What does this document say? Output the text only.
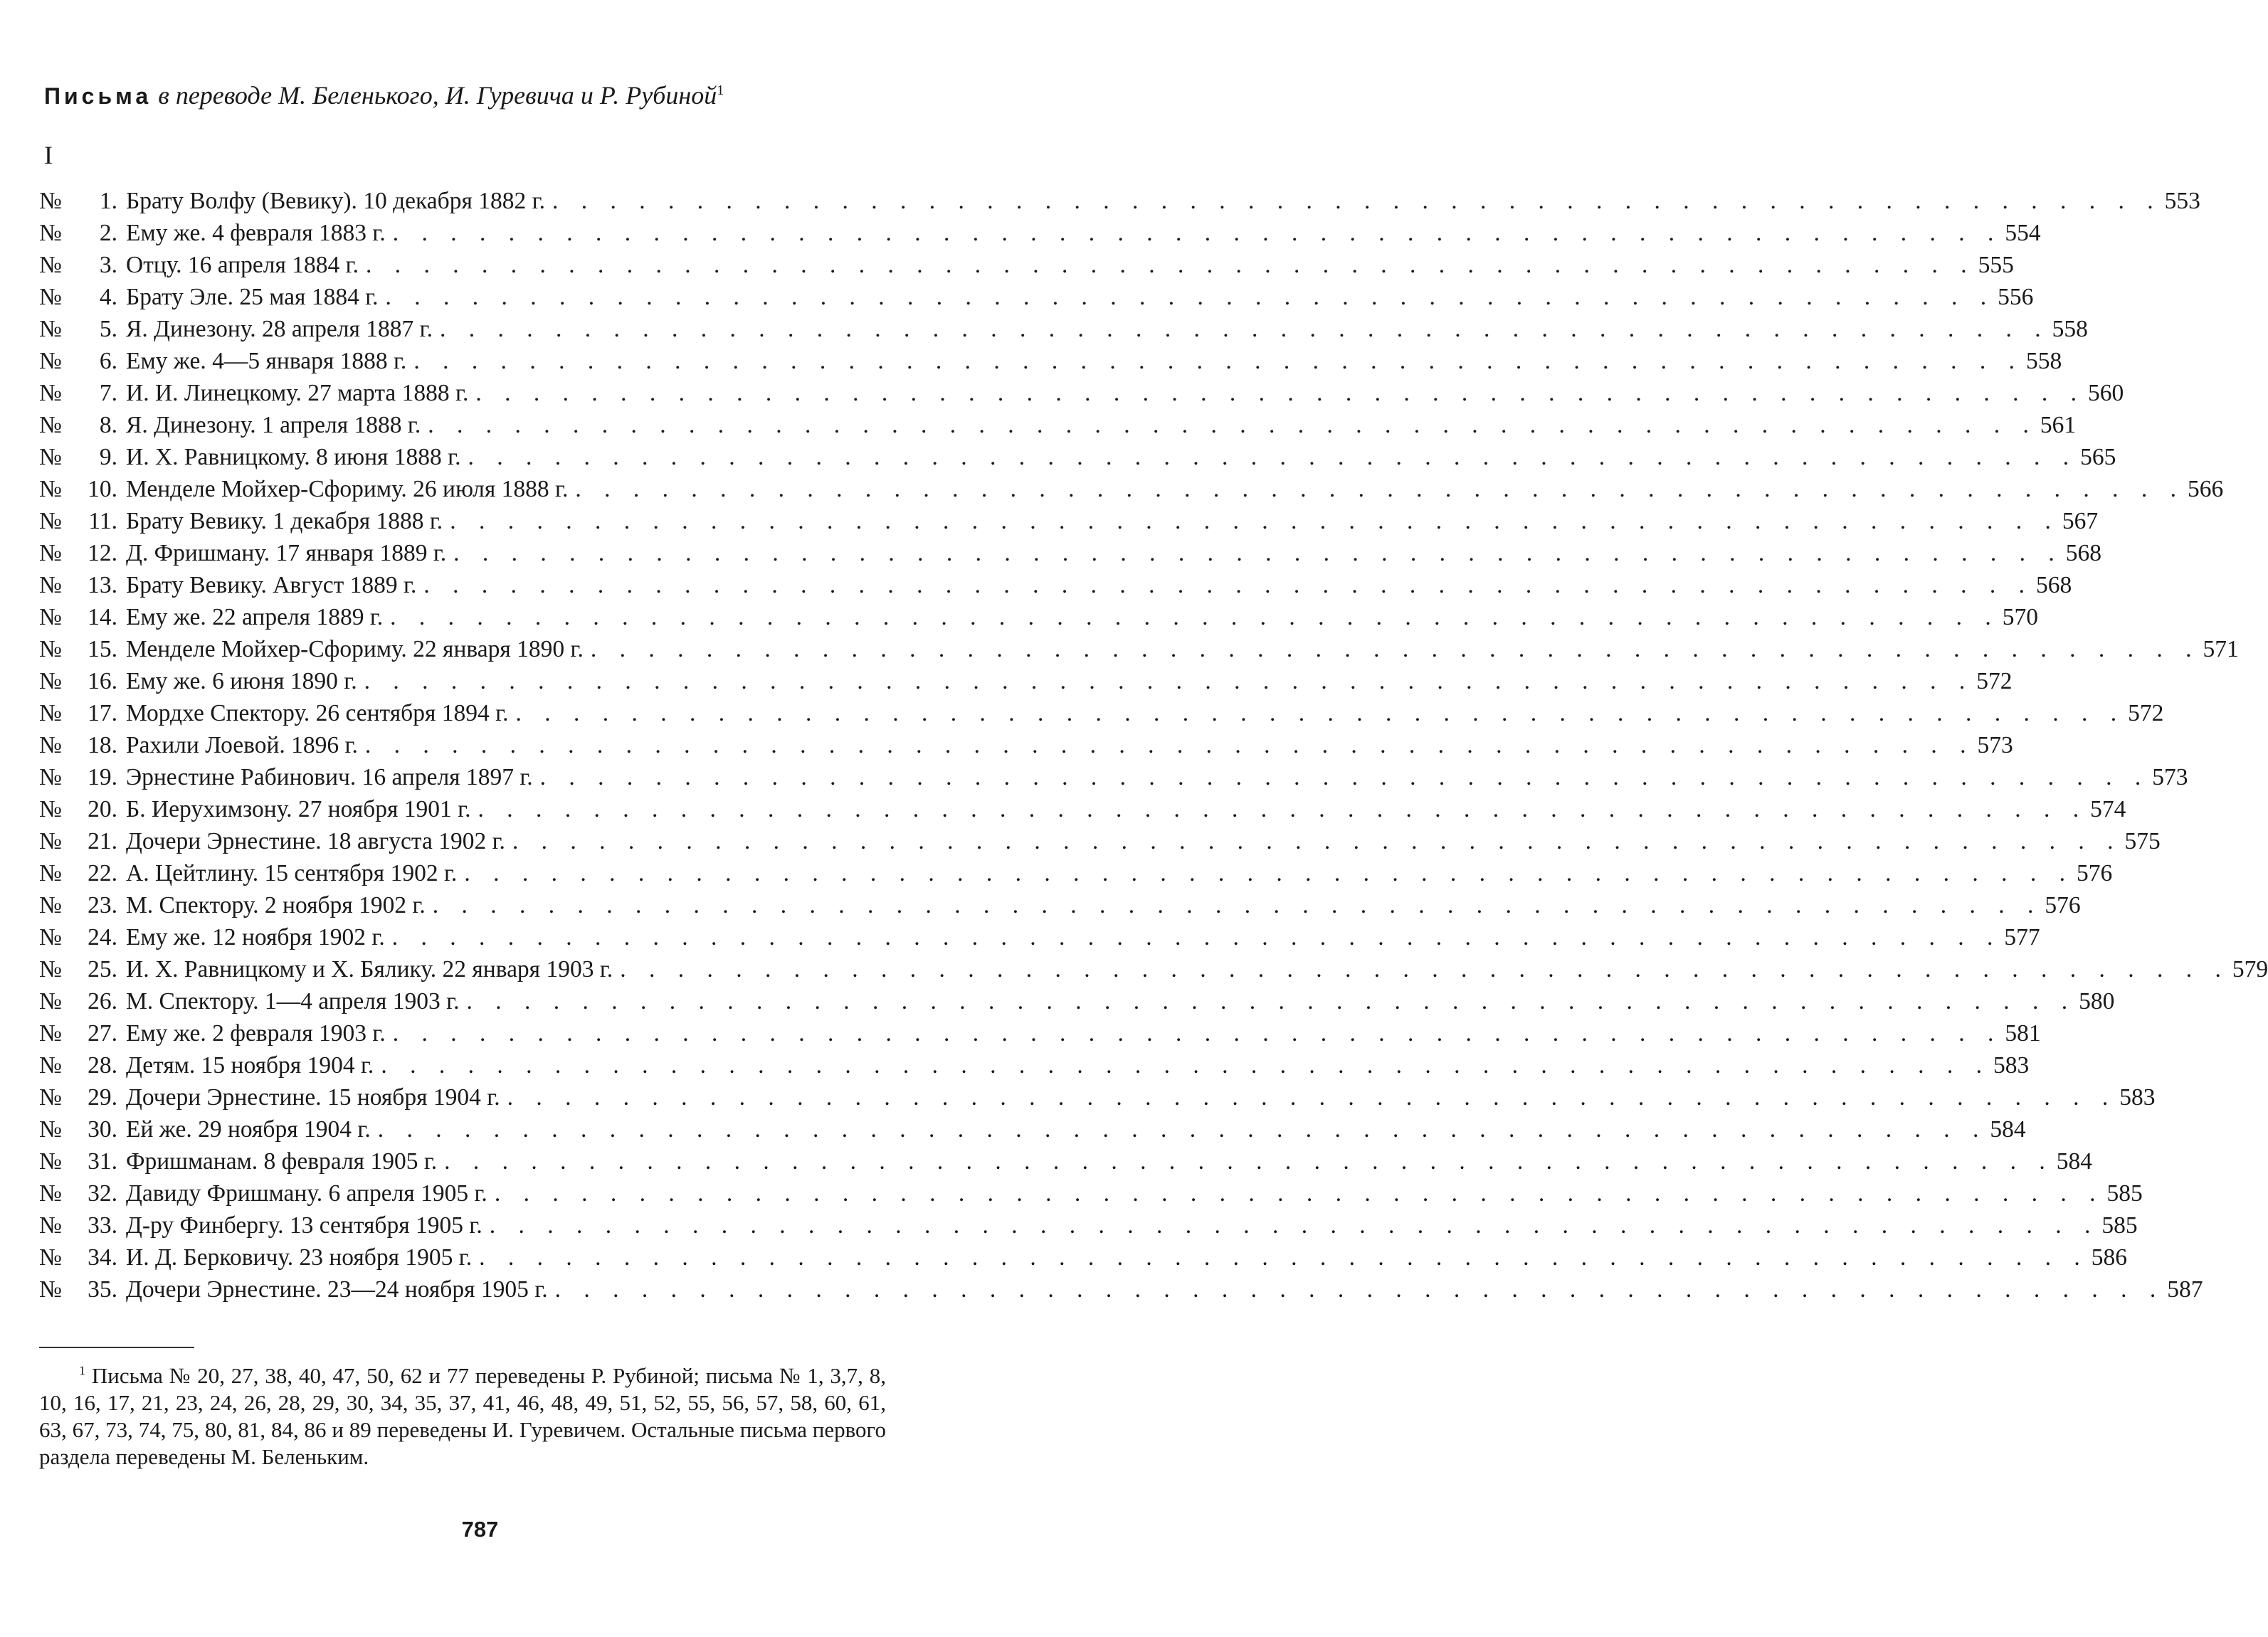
Письма в переводе М. Беленького, И. Гуревича и Р. Рубиной$^1$
I
№	1. Брату Волфу (Вевику). 10 декабря 1882 г. . . .	553
№	2. Ему же. 4 февраля 1883 г. . . .	554
№	3. Отцу. 16 апреля 1884 г. . . .	555
№	4. Брату Эле. 25 мая 1884 г. . . .	556
№	5. Я. Динезону. 28 апреля 1887 г. . . .	558
№	6. Ему же. 4—5 января 1888 г. . . .	558
№	7. И. И. Линецкому. 27 марта 1888 г. . . .	560
№	8. Я. Динезону. 1 апреля 1888 г. . . .	561
№	9. И. Х. Равницкому. 8 июня 1888 г. . . .	565
№	10. Менделе Мойхер-Сфориму. 26 июля 1888 г. . . .	566
№	11. Брату Вевику. 1 декабря 1888 г. . . .	567
№	12. Д. Фришману. 17 января 1889 г. . . .	568
№	13. Брату Вевику. Август 1889 г. . . .	568
№	14. Ему же. 22 апреля 1889 г. . . .	570
№	15. Менделе Мойхер-Сфориму. 22 января 1890 г. . . .	571
№	16. Ему же. 6 июня 1890 г. . . .	572
№	17. Мордхе Спектору. 26 сентября 1894 г. . . .	572
№	18. Рахили Лоевой. 1896 г. . . .	573
№	19. Эрнестине Рабинович. 16 апреля 1897 г. . . .	573
№	20. Б. Иерухимзону. 27 ноября 1901 г. . . .	574
№	21. Дочери Эрнестине. 18 августа 1902 г. . . .	575
№	22. А. Цейтлину. 15 сентября 1902 г. . . .	576
№	23. М. Спектору. 2 ноября 1902 г. . . .	576
№	24. Ему же. 12 ноября 1902 г. . . .	577
№	25. И. Х. Равницкому и Х. Бялику. 22 января 1903 г. . . .	579
№	26. М. Спектору. 1—4 апреля 1903 г. . . .	580
№	27. Ему же. 2 февраля 1903 г. . . .	581
№	28. Детям. 15 ноября 1904 г. . . .	583
№	29. Дочери Эрнестине. 15 ноября 1904 г. . . .	583
№	30. Ей же. 29 ноября 1904 г. . . .	584
№	31. Фришманам. 8 февраля 1905 г. . . .	584
№	32. Давиду Фришману. 6 апреля 1905 г. . . .	585
№	33. Д-ру Финбергу. 13 сентября 1905 г. . . .	585
№	34. И. Д. Берковичу. 23 ноября 1905 г. . . .	586
№	35. Дочери Эрнестине. 23—24 ноября 1905 г. . . .	587

$^1$ Письма № 20, 27, 38, 40, 47, 50, 62 и 77 переведены Р. Рубиной; письма № 1, 3,7, 8, 10, 16, 17, 21, 23, 24, 26, 28, 29, 30, 34, 35, 37, 41, 46, 48, 49, 51, 52, 55, 56, 57, 58, 60, 61, 63, 67, 73, 74, 75, 80, 81, 84, 86 и 89 переведены И. Гуревичем. Остальные письма первого раздела переведены М. Беленьким.

787
